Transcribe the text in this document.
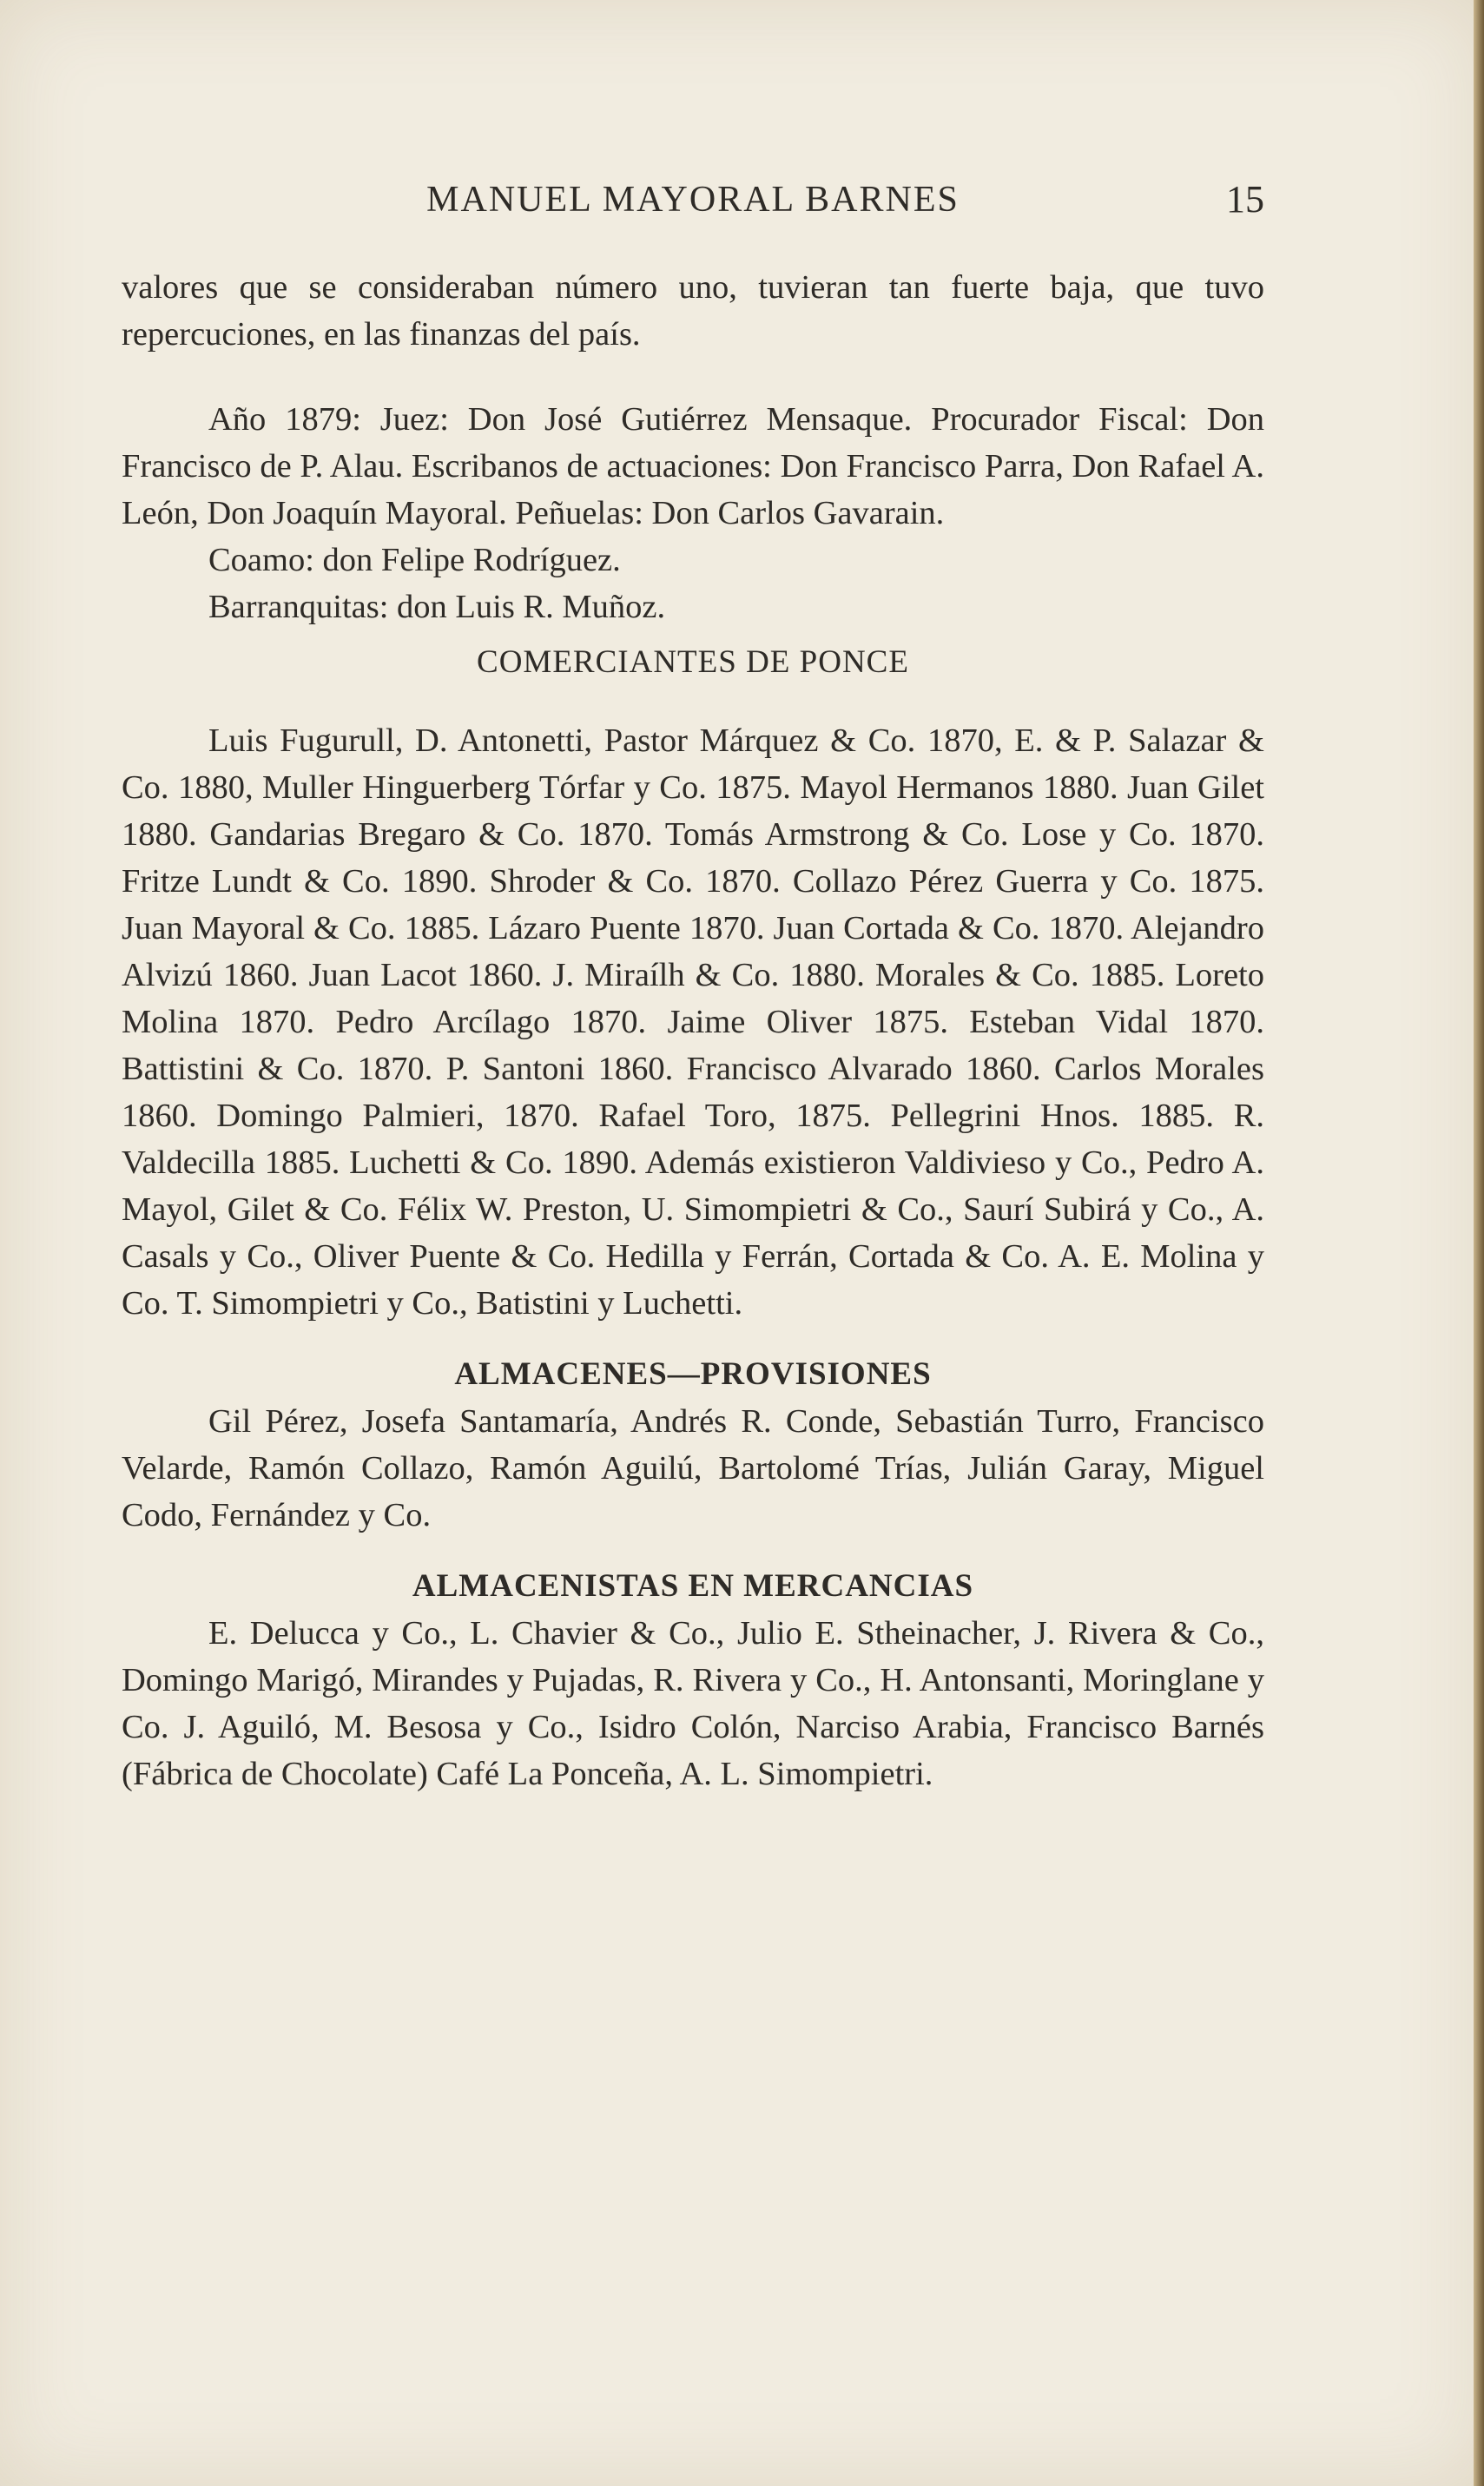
MANUEL MAYORAL BARNES	15

valores que se consideraban número uno, tuvieran tan fuerte baja, que tuvo repercuciones, en las finanzas del país.

Año 1879: Juez: Don José Gutiérrez Mensaque. Procurador Fiscal: Don Francisco de P. Alau. Escribanos de actuaciones: Don Francisco Parra, Don Rafael A. León, Don Joaquín Mayoral. Peñuelas: Don Carlos Gavarain.

Coamo: don Felipe Rodríguez.
Barranquitas: don Luis R. Muñoz.
COMERCIANTES DE PONCE

Luis Fugurull, D. Antonetti, Pastor Márquez & Co. 1870, E. & P. Salazar & Co. 1880, Muller Hinguerberg Tórfar y Co. 1875. Mayol Hermanos 1880. Juan Gilet 1880. Gandarias Bregaro & Co. 1870. Tomás Armstrong & Co. Lose y Co. 1870. Fritze Lundt & Co. 1890. Shroder & Co. 1870. Collazo Pérez Guerra y Co. 1875. Juan Mayoral & Co. 1885. Lázaro Puente 1870. Juan Cortada & Co. 1870. Alejandro Alvizú 1860. Juan Lacot 1860. J. Miraílh & Co. 1880. Morales & Co. 1885. Loreto Molina 1870. Pedro Arcílago 1870. Jaime Oliver 1875. Esteban Vidal 1870. Battistini & Co. 1870. P. Santoni 1860. Francisco Alvarado 1860. Carlos Morales 1860. Domingo Palmieri, 1870. Rafael Toro, 1875. Pellegrini Hnos. 1885. R. Valdecilla 1885. Luchetti & Co. 1890. Además existieron Valdivieso y Co., Pedro A. Mayol, Gilet & Co. Félix W. Preston, U. Simompietri & Co., Saurí Subirá y Co., A. Casals y Co., Oliver Puente & Co. Hedilla y Ferrán, Cortada & Co. A. E. Molina y Co. T. Simompietri y Co., Batistini y Luchetti.

ALMACENES—PROVISIONES

Gil Pérez, Josefa Santamaría, Andrés R. Conde, Sebastián Turro, Francisco Velarde, Ramón Collazo, Ramón Aguilú, Bartolomé Trías, Julián Garay, Miguel Codo, Fernández y Co.

ALMACENISTAS EN MERCANCIAS

E. Delucca y Co., L. Chavier & Co., Julio E. Stheinacher, J. Rivera & Co., Domingo Marigó, Mirandes y Pujadas, R. Rivera y Co., H. Antonsanti, Moringlane y Co. J. Aguiló, M. Besosa y Co., Isidro Colón, Narciso Arabia, Francisco Barnés (Fábrica de Chocolate) Café La Ponceña, A. L. Simompietri.
